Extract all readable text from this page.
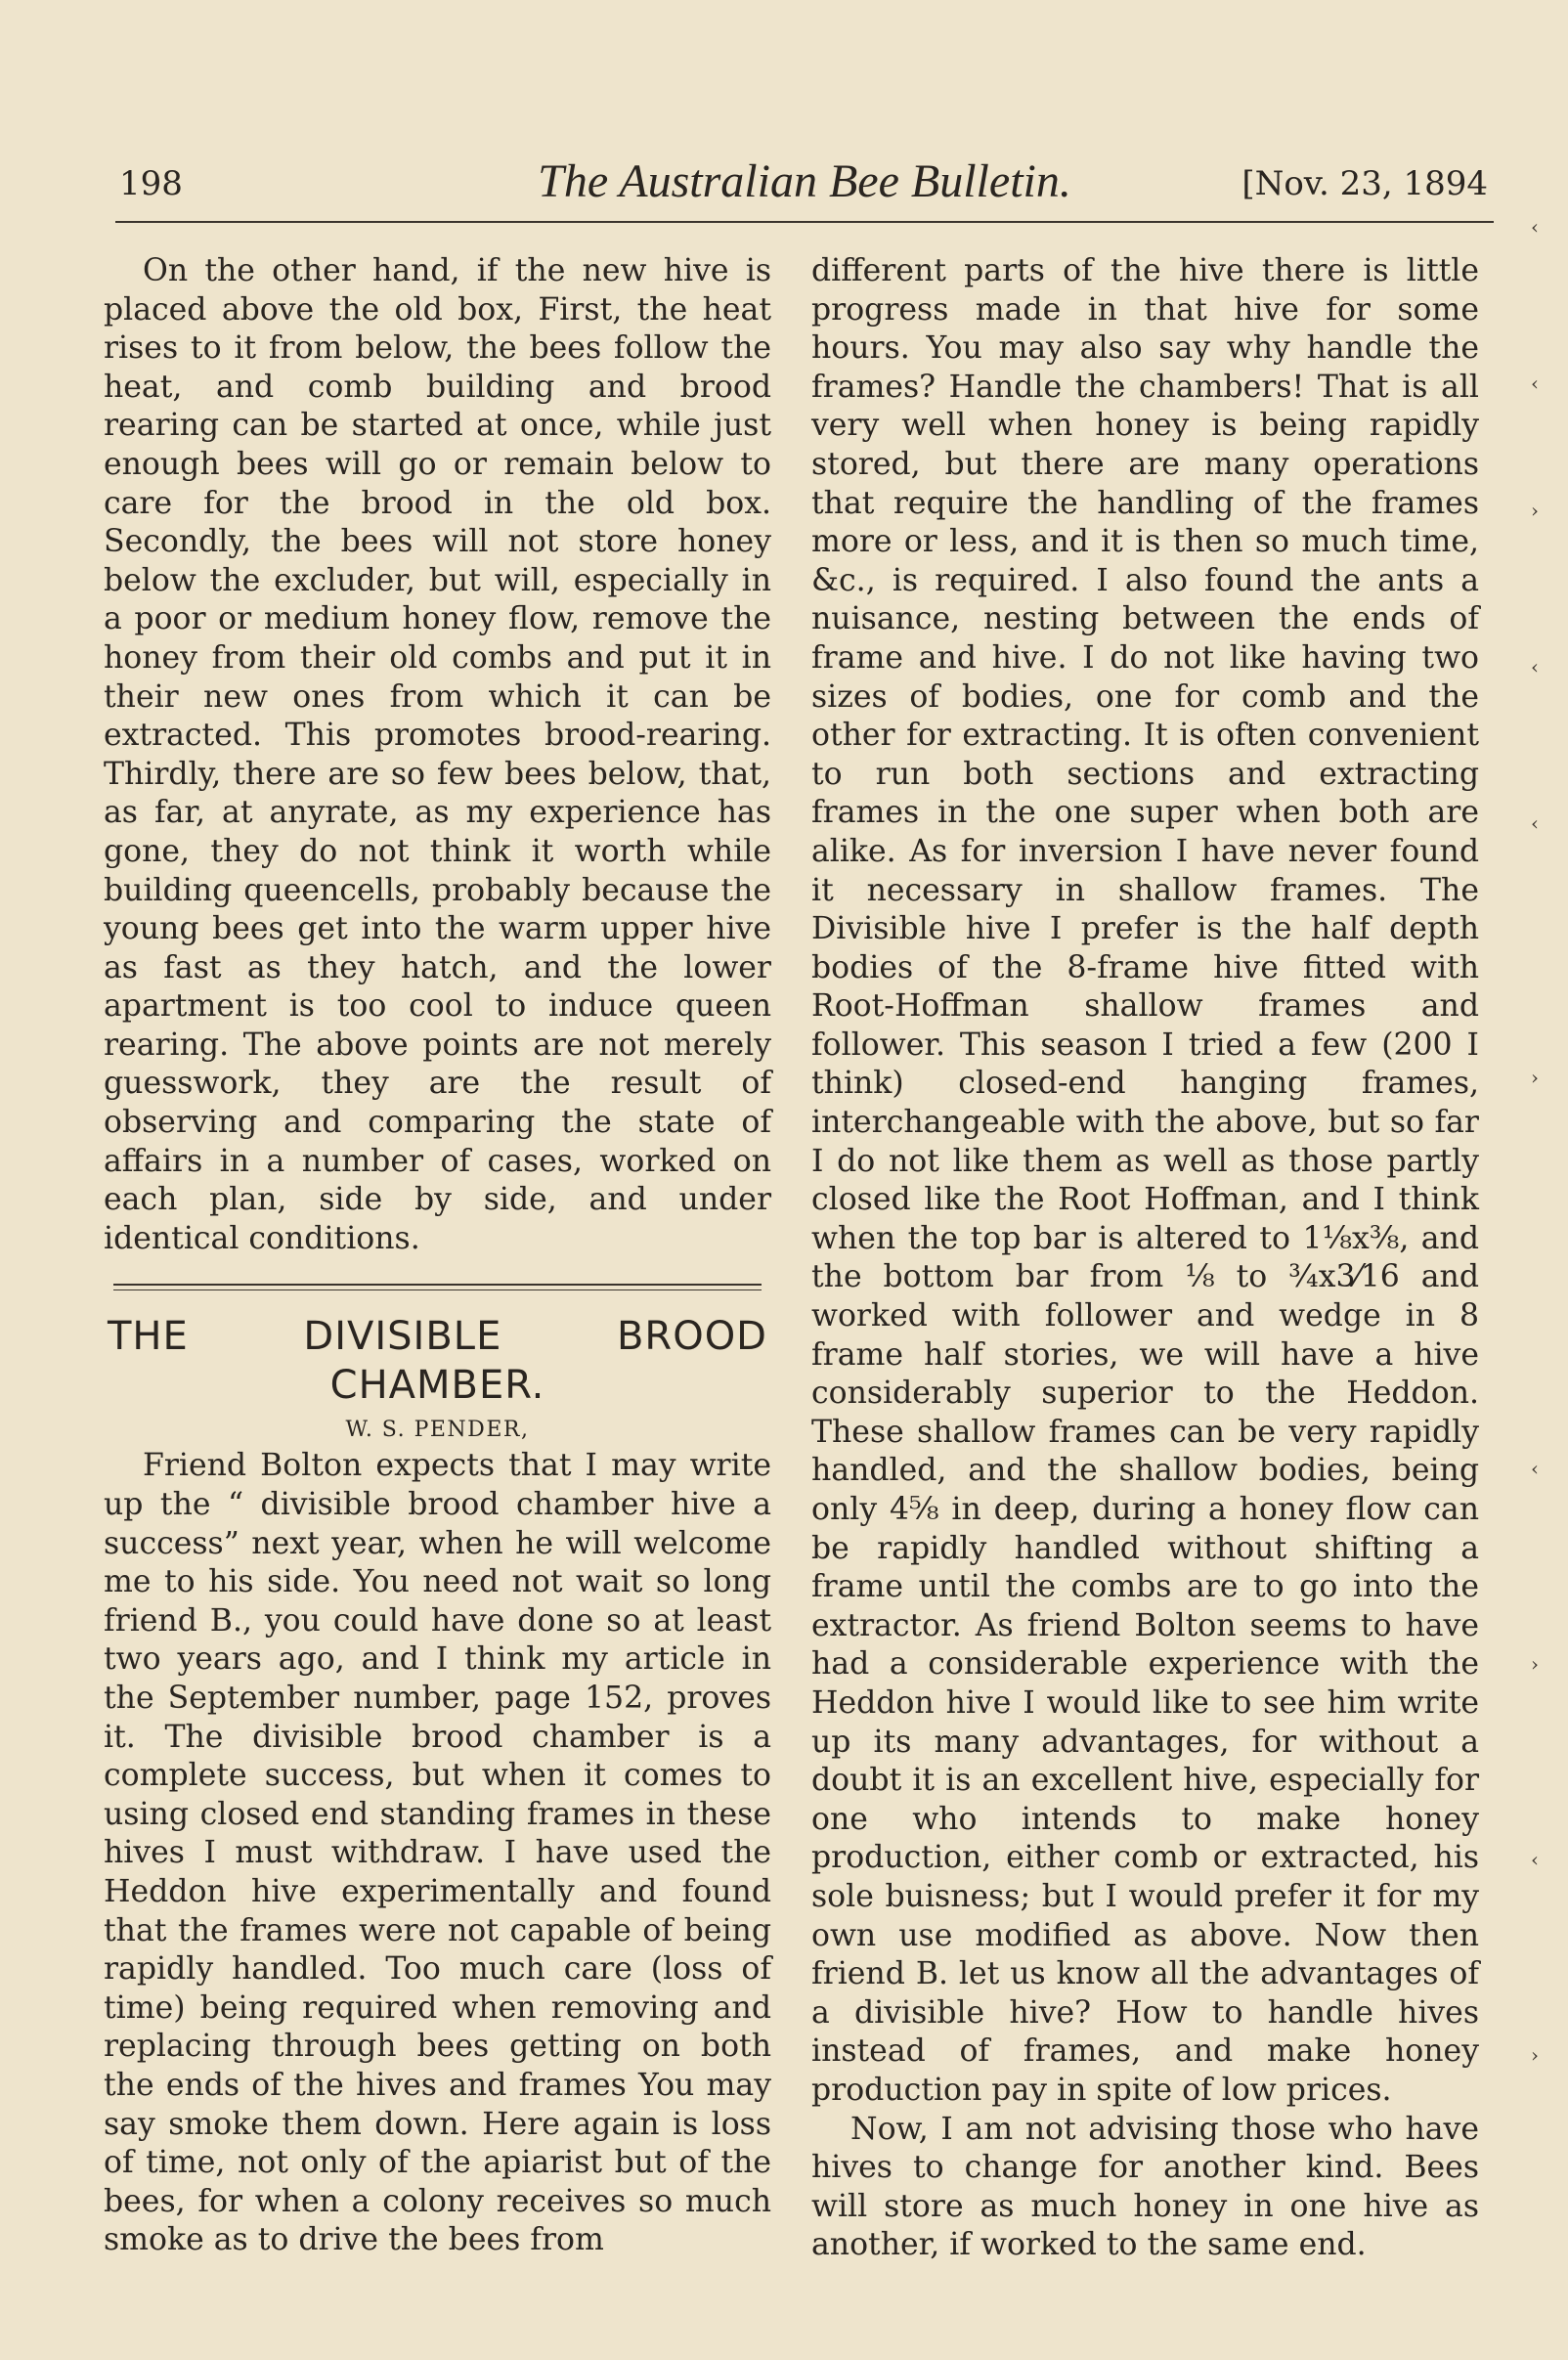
198	The Australian Bee Bulletin.	[Nov. 23, 1894

On the other hand, if the new hive is placed above the old box, First, the heat rises to it from below, the bees follow the heat, and comb building and brood rearing can be started at once, while just enough bees will go or remain below to care for the brood in the old box. Secondly, the bees will not store honey below the excluder, but will, especially in a poor or medium honey flow, remove the honey from their old combs and put it in their new ones from which it can be extracted. This promotes brood-rearing. Thirdly, there are so few bees below, that, as far, at anyrate, as my experience has gone, they do not think it worth while building queencells, probably because the young bees get into the warm upper hive as fast as they hatch, and the lower apartment is too cool to induce queen rearing. The above points are not merely guesswork, they are the result of observing and comparing the state of affairs in a number of cases, worked on each plan, side by side, and under identical conditions.

THE	DIVISIBLE	BROOD
CHAMBER.
W. S. PENDER,

Friend Bolton expects that I may write up the “ divisible brood chamber hive a success” next year, when he will welcome me to his side. You need not wait so long friend B., you could have done so at least two years ago, and I think my article in the September number, page 152, proves it. The divisible brood chamber is a complete success, but when it comes to using closed end standing frames in these hives I must withdraw. I have used the Heddon hive experimentally and found that the frames were not capable of being rapidly handled. Too much care (loss of time) being required when removing and replacing through bees getting on both the ends of the hives and frames You may say smoke them down. Here again is loss of time, not only of the apiarist but of the bees, for when a colony receives so much smoke as to drive the bees from

different parts of the hive there is little progress made in that hive for some hours. You may also say why handle the frames? Handle the chambers! That is all very well when honey is being rapidly stored, but there are many operations that require the handling of the frames more or less, and it is then so much time, &c., is required. I also found the ants a nuisance, nesting between the ends of frame and hive. I do not like having two sizes of bodies, one for comb and the other for extracting. It is often convenient to run both sections and extracting frames in the one super when both are alike. As for inversion I have never found it necessary in shallow frames. The Divisible hive I prefer is the half depth bodies of the 8-frame hive fitted with Root-Hoffman shallow frames and follower. This season I tried a few (200 I think) closed-end hanging frames, interchangeable with the above, but so far I do not like them as well as those partly closed like the Root Hoffman, and I think when the top bar is altered to 1⅛x⅜, and the bottom bar from ⅛ to ¾x3⁄16 and worked with follower and wedge in 8 frame half stories, we will have a hive considerably superior to the Heddon. These shallow frames can be very rapidly handled, and the shallow bodies, being only 4⅝ in deep, during a honey flow can be rapidly handled without shifting a frame until the combs are to go into the extractor. As friend Bolton seems to have had a considerable experience with the Heddon hive I would like to see him write up its many advantages, for without a doubt it is an excellent hive, especially for one who intends to make honey production, either comb or extracted, his sole buisness; but I would prefer it for my own use modified as above. Now then friend B. let us know all the advantages of a divisible hive? How to handle hives instead of frames, and make honey production pay in spite of low prices.

Now, I am not advising those who have hives to change for another kind. Bees will store as much honey in one hive as another, if worked to the same end.

‹
‹
›
‹
‹
›
‹
›
‹
›
